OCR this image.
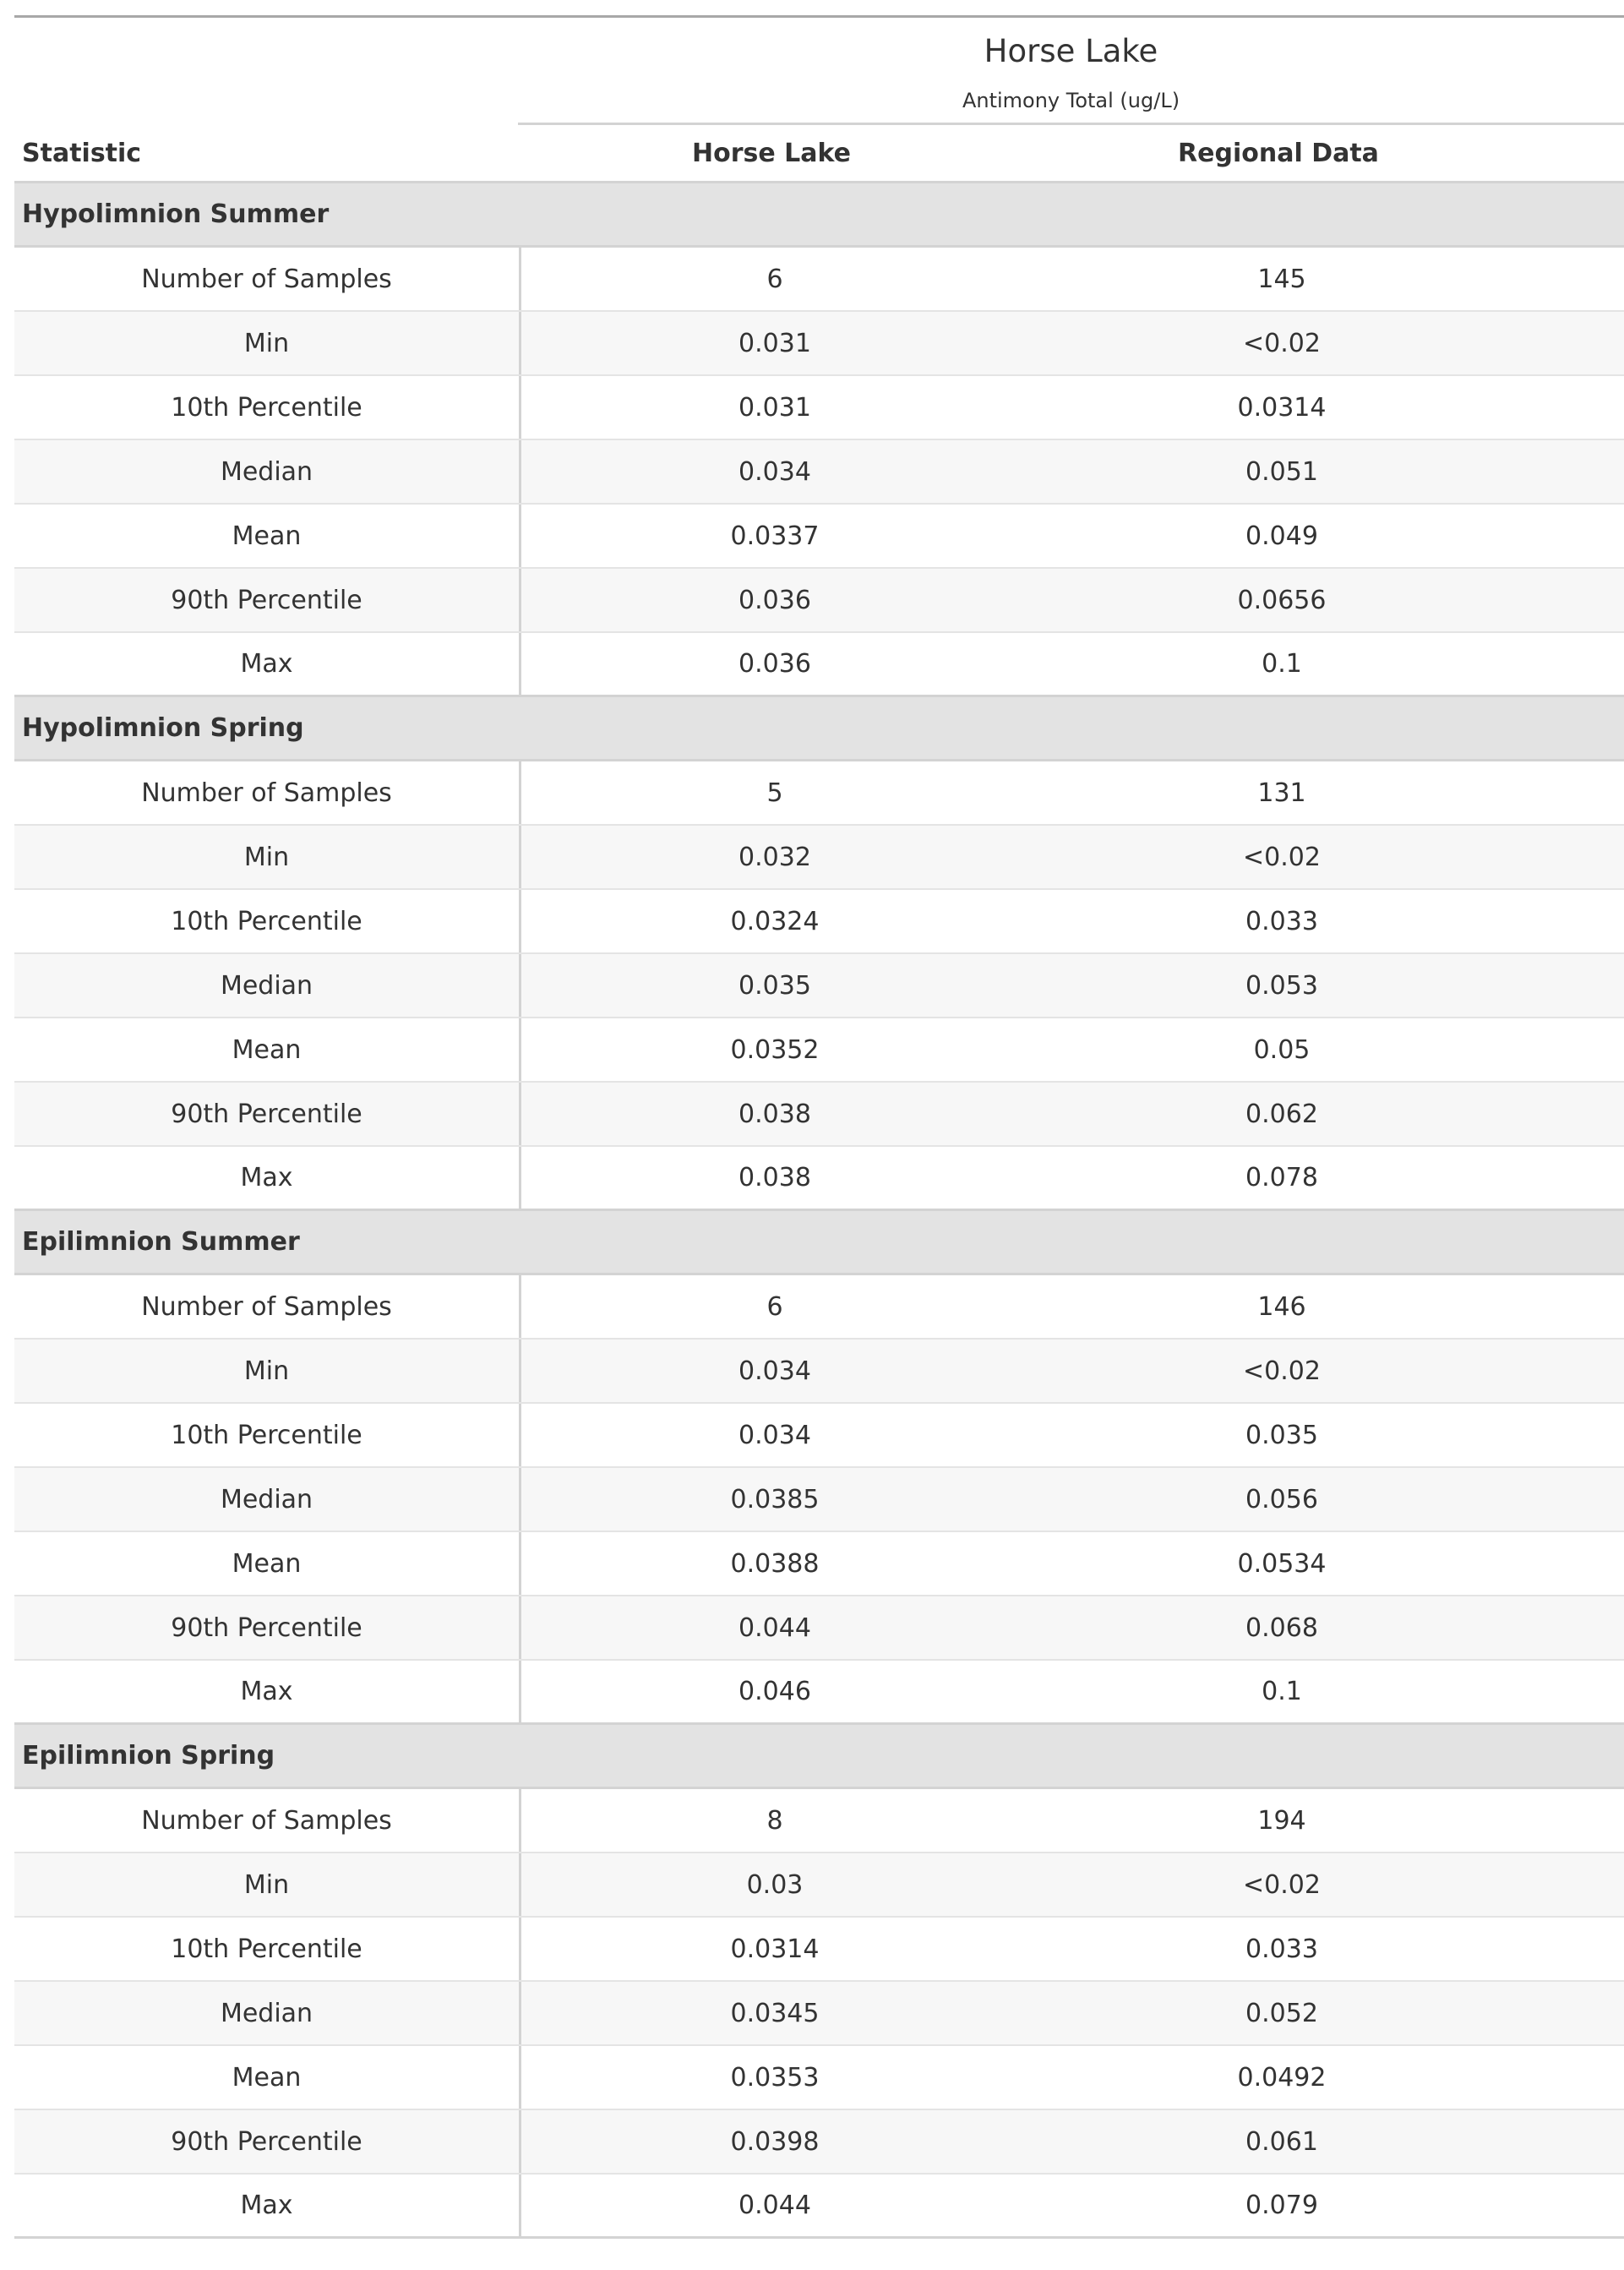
Horse Lake
Antimony Total (ug/L)
Statistic	Horse Lake	Regional Data
Hypolimnion Summer
Number of Samples	6	145
Min	0.031	<0.02
10th Percentile	0.031	0.0314
Median	0.034	0.051
Mean	0.0337	0.049
90th Percentile	0.036	0.0656
Max	0.036	0.1
Hypolimnion Spring
Number of Samples	5	131
Min	0.032	<0.02
10th Percentile	0.0324	0.033
Median	0.035	0.053
Mean	0.0352	0.05
90th Percentile	0.038	0.062
Max	0.038	0.078
Epilimnion Summer
Number of Samples	6	146
Min	0.034	<0.02
10th Percentile	0.034	0.035
Median	0.0385	0.056
Mean	0.0388	0.0534
90th Percentile	0.044	0.068
Max	0.046	0.1
Epilimnion Spring
Number of Samples	8	194
Min	0.03	<0.02
10th Percentile	0.0314	0.033
Median	0.0345	0.052
Mean	0.0353	0.0492
90th Percentile	0.0398	0.061
Max	0.044	0.079
